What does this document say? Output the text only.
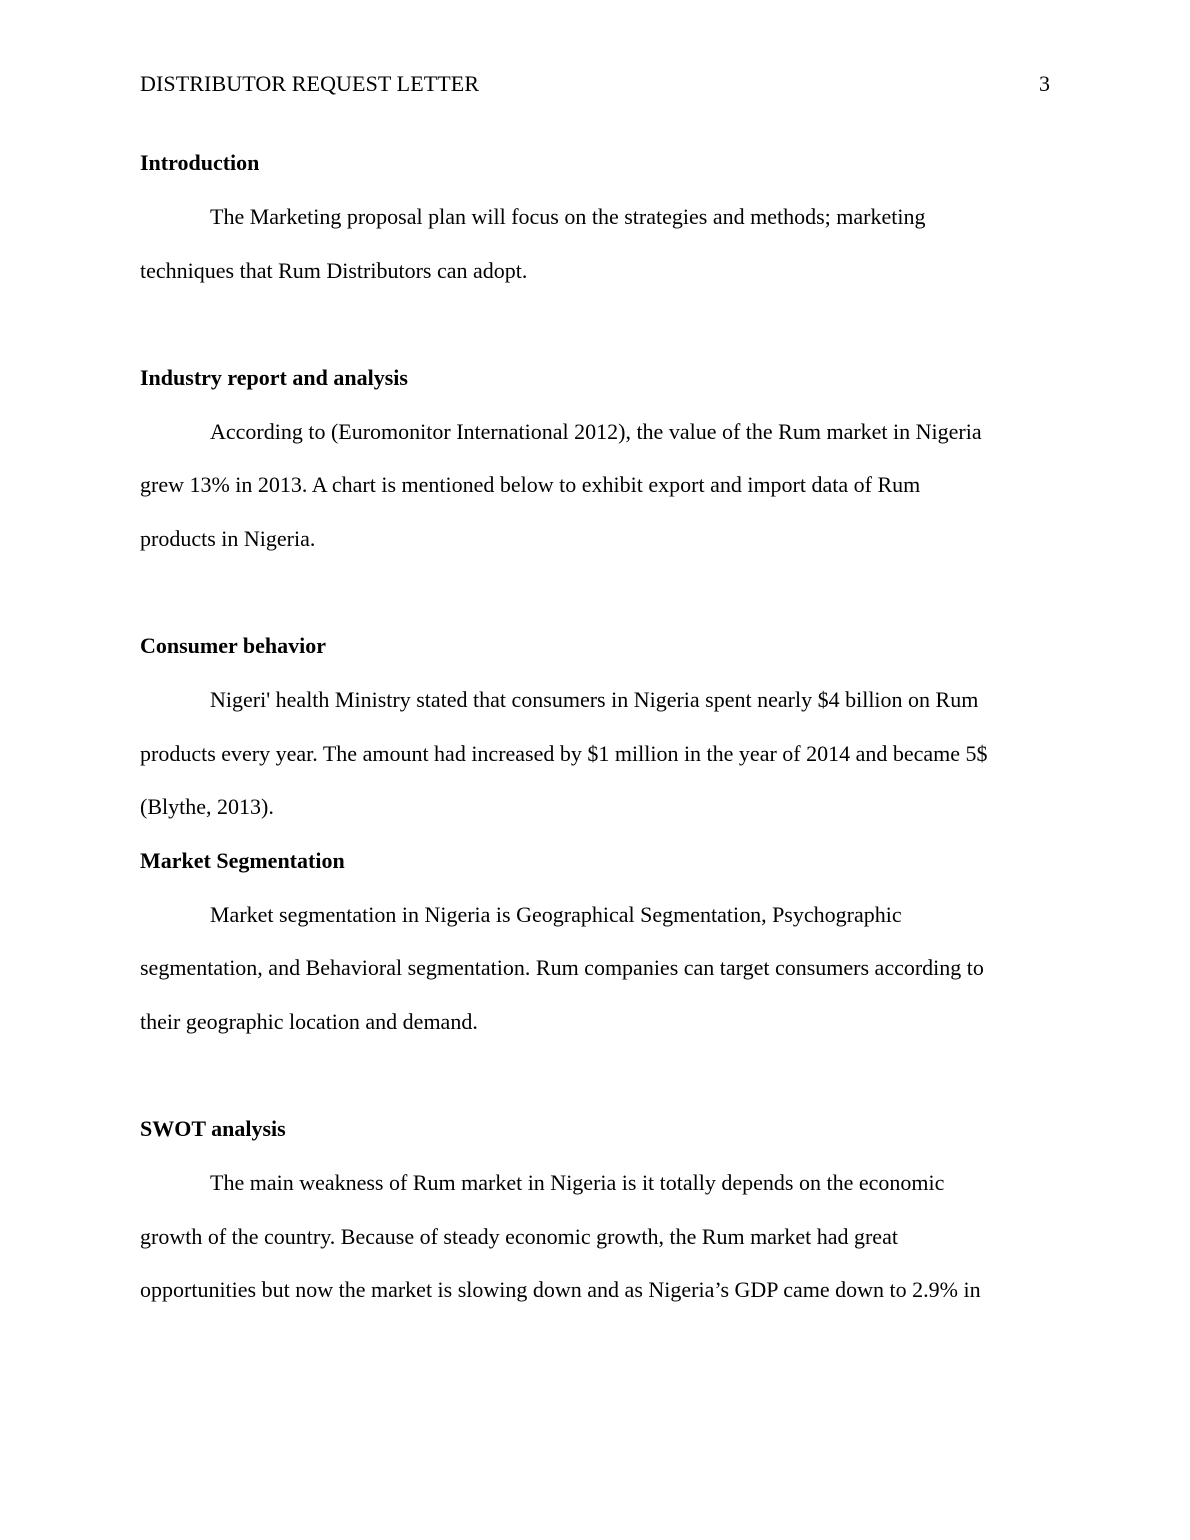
DISTRIBUTOR REQUEST LETTER	3
Introduction
The Marketing proposal plan will focus on the strategies and methods; marketing
techniques that Rum Distributors can adopt.
Industry report and analysis
According to (Euromonitor International 2012), the value of the Rum market in Nigeria
grew 13% in 2013. A chart is mentioned below to exhibit export and import data of Rum
products in Nigeria.
Consumer behavior
Nigeri' health Ministry stated that consumers in Nigeria spent nearly $4 billion on Rum
products every year. The amount had increased by $1 million in the year of 2014 and became 5$
(Blythe, 2013).
Market Segmentation
Market segmentation in Nigeria is Geographical Segmentation, Psychographic
segmentation, and Behavioral segmentation. Rum companies can target consumers according to
their geographic location and demand.
SWOT analysis
The main weakness of Rum market in Nigeria is it totally depends on the economic
growth of the country. Because of steady economic growth, the Rum market had great
opportunities but now the market is slowing down and as Nigeria’s GDP came down to 2.9% in
